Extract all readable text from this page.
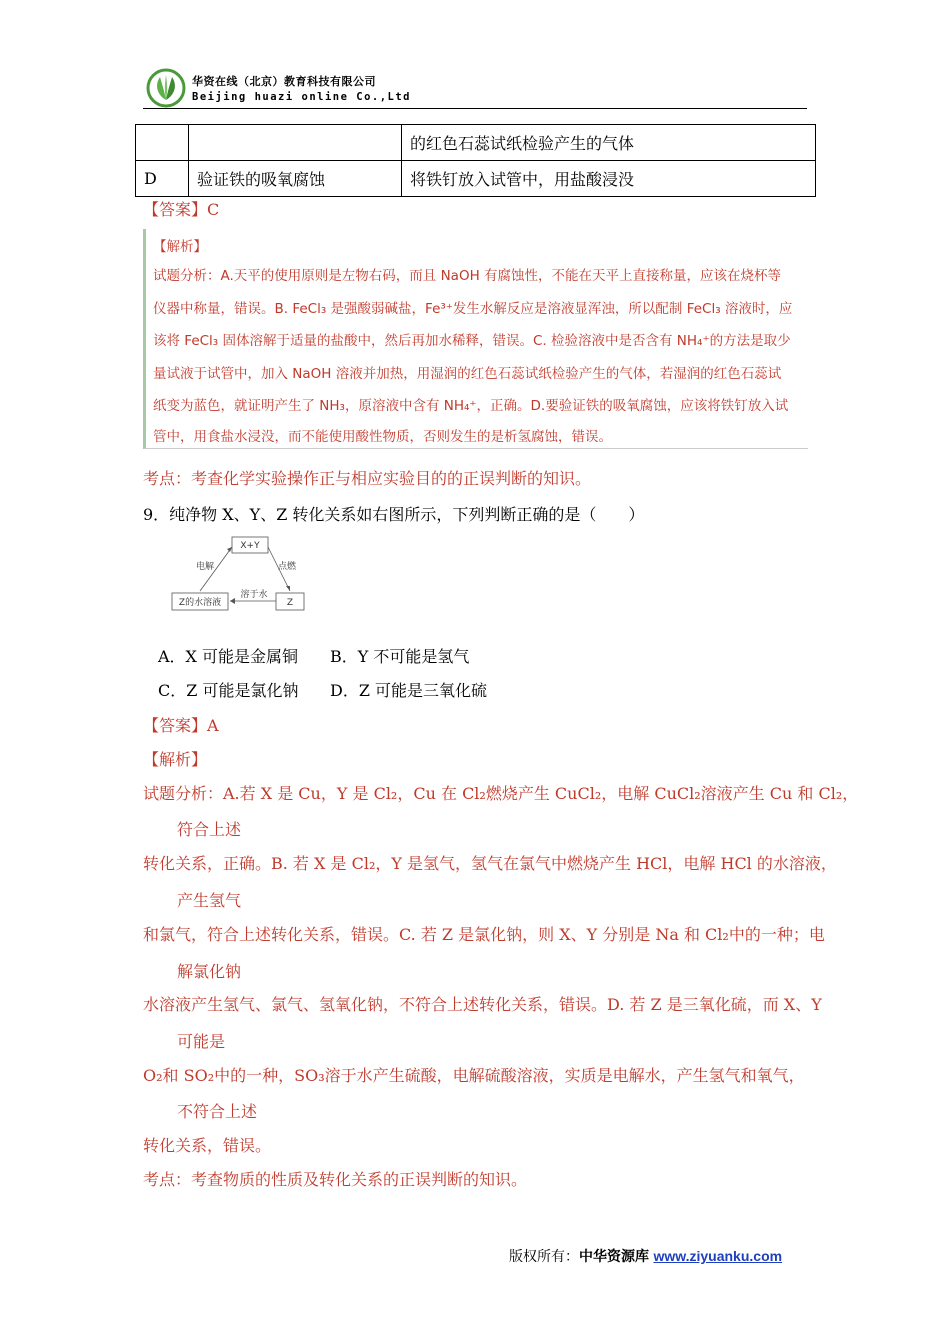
华资在线（北京）教育科技有限公司
Beijing huazi online Co.,Ltd
		的红色石蕊试纸检验产生的气体
D	验证铁的吸氧腐蚀	将铁钉放入试管中，用盐酸浸没
【答案】C
【解析】
试题分析：A.天平的使用原则是左物右码，而且 NaOH 有腐蚀性，不能在天平上直接称量，应该在烧杯等
仪器中称量，错误。B. FeCl₃ 是强酸弱碱盐，Fe³⁺发生水解反应是溶液显浑浊，所以配制 FeCl₃ 溶液时，应
该将 FeCl₃ 固体溶解于适量的盐酸中，然后再加水稀释，错误。C. 检验溶液中是否含有 NH₄⁺的方法是取少
量试液于试管中，加入 NaOH 溶液并加热，用湿润的红色石蕊试纸检验产生的气体，若湿润的红色石蕊试
纸变为蓝色，就证明产生了 NH₃，原溶液中含有 NH₄⁺，正确。D.要验证铁的吸氧腐蚀，应该将铁钉放入试
管中，用食盐水浸没，而不能使用酸性物质，否则发生的是析氢腐蚀，错误。
考点：考查化学实验操作正与相应实验目的的正误判断的知识。
9．纯净物 X、Y、Z 转化关系如右图所示，下列判断正确的是（　　）
X+Y
Z的水溶液	Z
电解	点燃
溶于水
A．X 可能是金属铜 B．Y 不可能是氢气
C．Z 可能是氯化钠 D．Z 可能是三氧化硫
【答案】A
【解析】
试题分析：A.若 X 是 Cu，Y 是 Cl₂，Cu 在 Cl₂燃烧产生 CuCl₂，电解 CuCl₂溶液产生 Cu 和 Cl₂，
符合上述
转化关系，正确。B. 若 X 是 Cl₂，Y 是氢气，氢气在氯气中燃烧产生 HCl，电解 HCl 的水溶液，
产生氢气
和氯气，符合上述转化关系，错误。C. 若 Z 是氯化钠，则 X、Y 分别是 Na 和 Cl₂中的一种；电
解氯化钠
水溶液产生氢气、氯气、氢氧化钠，不符合上述转化关系，错误。D. 若 Z 是三氧化硫，而 X、Y
可能是
O₂和 SO₂中的一种，SO₃溶于水产生硫酸，电解硫酸溶液，实质是电解水，产生氢气和氧气，
不符合上述
转化关系，错误。
考点：考查物质的性质及转化关系的正误判断的知识。
版权所有：中华资源库 www.ziyuanku.com
